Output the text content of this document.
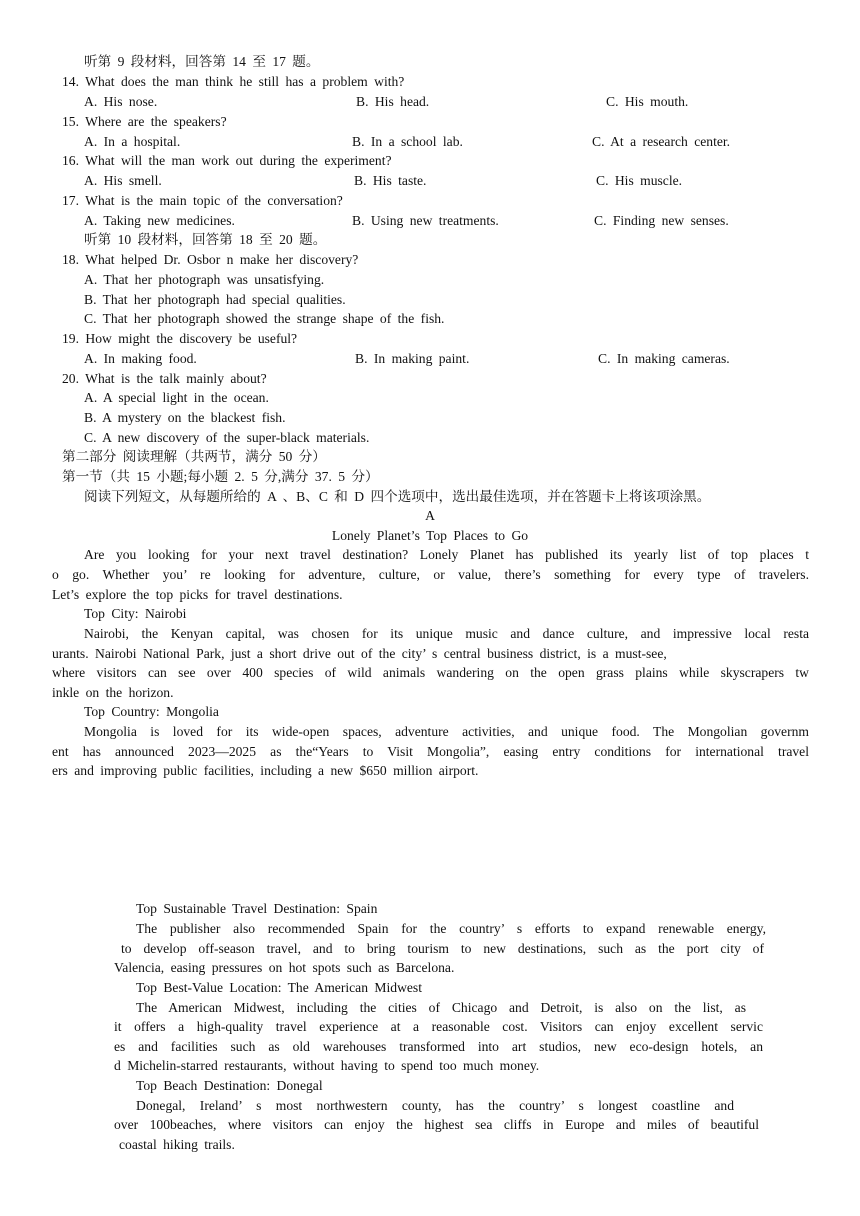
听第 9 段材料，回答第 14 至 17 题。
14. What does the man think he still has a problem with?
A. His nose.	B. His head.	C. His mouth.
15. Where are the speakers?
A. In a hospital.	B. In a school lab.	C. At a research center.
16. What will the man work out during the experiment?
A. His smell.	B. His taste.	C. His muscle.
17. What is the main topic of the conversation?
A. Taking new medicines.	B. Using new treatments.	C. Finding new senses.
听第 10 段材料，回答第 18 至 20 题。
18. What helped Dr. Osbor n make her discovery?
A. That her photograph was unsatisfying.
B. That her photograph had special qualities.
C. That her photograph showed the strange shape of the fish.
19. How might the discovery be useful?
A. In making food.	B. In making paint.	C. In making cameras.
20. What is the talk mainly about?
A. A special light in the ocean.
B. A mystery on the blackest fish.
C. A new discovery of the super-black materials.
第二部分 阅读理解（共两节，满分 50 分）
第一节（共 15 小题;每小题 2. 5 分,满分 37. 5 分）
阅读下列短文，从每题所给的 A 、B、C 和 D 四个选项中，选出最佳选项，并在答题卡上将该项涂黑。
A
Lonely Planet’s Top Places to Go
Are you looking for your next travel destination? Lonely Planet has published its yearly list of top places t
o go. Whether you’ re looking for adventure, culture, or value, there’s something for every type of travelers.
Let’s explore the top picks for travel destinations.
Top City: Nairobi
Nairobi, the Kenyan capital, was chosen for its unique music and dance culture, and impressive local resta
urants. Nairobi National Park, just a short drive out of the city’ s central business district, is a must-see,
where visitors can see over 400 species of wild animals wandering on the open grass plains while skyscrapers tw
inkle on the horizon.
Top Country: Mongolia
Mongolia is loved for its wide-open spaces, adventure activities, and unique food. The Mongolian governm
ent has announced 2023—2025 as the“Years to Visit Mongolia”, easing entry conditions for international travel
ers and improving public facilities, including a new $650 million airport.
Top Sustainable Travel Destination: Spain
The publisher also recommended Spain for the country’ s efforts to expand renewable energy,
to develop off-season travel, and to bring tourism to new destinations, such as the port city of
Valencia, easing pressures on hot spots such as Barcelona.
Top Best-Value Location: The American Midwest
The American Midwest, including the cities of Chicago and Detroit, is also on the list, as
it offers a high-quality travel experience at a reasonable cost. Visitors can enjoy excellent servic
es and facilities such as old warehouses transformed into art studios, new eco-design hotels, an
d Michelin-starred restaurants, without having to spend too much money.
Top Beach Destination: Donegal
Donegal, Ireland’ s most northwestern county, has the country’ s longest coastline and
over 100beaches, where visitors can enjoy the highest sea cliffs in Europe and miles of beautiful
coastal hiking trails.
